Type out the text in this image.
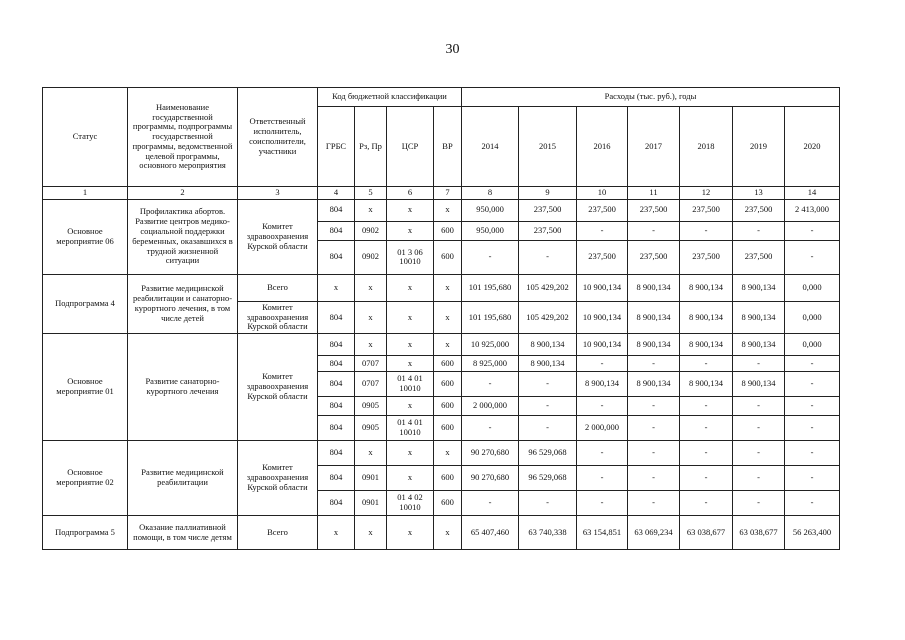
30
Статус	Наименование государственной программы, подпрограммы государственной программы, ведомственной целевой программы, основного мероприятия	Ответственный исполнитель, соисполнители, участники	Код бюджетной классификации				Расходы (тыс. руб.), годы						
			ГРБС	Рз, Пр	ЦСР	ВР	2014	2015	2016	2017	2018	2019	2020
1	2	3	4	5	6	7	8	9	10	11	12	13	14
Основное мероприятие 06	Профилактика абортов. Развитие центров медико-социальной поддержки беременных, оказавшихся в трудной жизненной ситуации	Комитет здравоохранения Курской области	804	x	x	x	950,000	237,500	237,500	237,500	237,500	237,500	2 413,000
			804	0902	x	600	950,000	237,500	-	-	-	-	-
			804	0902	01 3 06 10010	600	-	-	237,500	237,500	237,500	237,500	-
Подпрограмма 4	Развитие медицинской реабилитации и санаторно-курортного лечения, в том числе детей	Всего	x	x	x	x	101 195,680	105 429,202	10 900,134	8 900,134	8 900,134	8 900,134	0,000
		Комитет здравоохранения Курской области	804	x	x	x	101 195,680	105 429,202	10 900,134	8 900,134	8 900,134	8 900,134	0,000
Основное мероприятие 01	Развитие санаторно-курортного лечения	Комитет здравоохранения Курской области	804	x	x	x	10 925,000	8 900,134	10 900,134	8 900,134	8 900,134	8 900,134	0,000
			804	0707	x	600	8 925,000	8 900,134	-	-	-	-	-
			804	0707	01 4 01 10010	600	-	-	8 900,134	8 900,134	8 900,134	8 900,134	-
			804	0905	x	600	2 000,000	-	-	-	-	-	-
			804	0905	01 4 01 10010	600	-	-	2 000,000	-	-	-	-
Основное мероприятие 02	Развитие медицинской реабилитации	Комитет здравоохранения Курской области	804	x	x	x	90 270,680	96 529,068	-	-	-	-	-
			804	0901	x	600	90 270,680	96 529,068	-	-	-	-	-
			804	0901	01 4 02 10010	600	-	-	-	-	-	-	-
Подпрограмма 5	Оказание паллиативной помощи, в том числе детям	Всего	x	x	x	x	65 407,460	63 740,338	63 154,851	63 069,234	63 038,677	63 038,677	56 263,400
